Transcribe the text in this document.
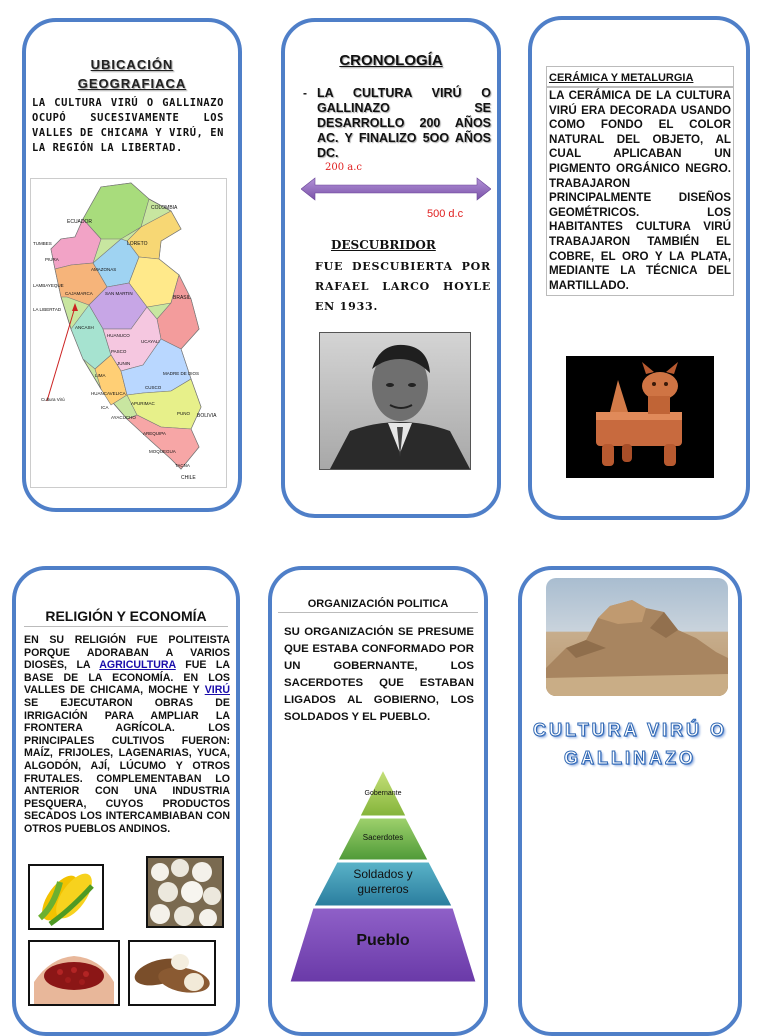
UBICACIÓN
GEOGRAFIACA
LA CULTURA VIRÚ O GALLINAZO OCUPÓ SUCESIVAMENTE LOS VALLES DE CHICAMA Y VIRÚ, EN LA REGIÓN LA LIBERTAD.
COLOMBIA
ECUADOR
TUMBES	LORETO
PIURA
AMAZONAS
LAMBAYEQUE
CAJAMARCA	SAN MARTIN
BRASIL
LA LIBERTAD
ANCASH
HUANUCO
UCAYALI
PASCO
JUNIN
LIMA	MADRE DE DIOS
CUSCO
HUANCAVELICA
APURIMAC
ICA
AYACUCHO
Cultura Virú
PUNO BOLIVIA
AREQUIPA
MOQUEGUA
TACNA
CHILE
CRONOLOGÍA
- LA CULTURA VIRÚ O GALLINAZO SE DESARROLLO 200 AÑOS AC. Y FINALIZO 5OO AÑOS DC.
200 a.c
500 d.c
DESCUBRIDOR
FUE DESCUBIERTA POR RAFAEL LARCO HOYLE EN 1933.
CERÁMICA Y METALURGIA
LA CERÁMICA DE LA CULTURA VIRÚ ERA DECORADA USANDO COMO FONDO EL COLOR NATURAL DEL OBJETO, AL CUAL APLICABAN UN PIGMENTO ORGÁNICO NEGRO. TRABAJARON PRINCIPALMENTE DISEÑOS GEOMÉTRICOS. LOS HABITANTES CULTURA VIRÚ TRABAJARON TAMBIÉN EL COBRE, EL ORO Y LA PLATA, MEDIANTE LA TÉCNICA DEL MARTILLADO.
RELIGIÓN Y ECONOMÍA
EN SU RELIGIÓN FUE POLITEISTA PORQUE ADORABAN A VARIOS DIOSES, LA AGRICULTURA FUE LA BASE DE LA ECONOMÍA. EN LOS VALLES DE CHICAMA, MOCHE Y VIRÚ SE EJECUTARON OBRAS DE IRRIGACIÓN PARA AMPLIAR LA FRONTERA AGRÍCOLA. LOS PRINCIPALES CULTIVOS FUERON: MAÍZ, FRIJOLES, LAGENARIAS, YUCA, ALGODÓN, AJÍ, LÚCUMO Y OTROS FRUTALES. COMPLEMENTABAN LO ANTERIOR CON UNA INDUSTRIA PESQUERA, CUYOS PRODUCTOS SECADOS LOS INTERCAMBIABAN CON OTROS PUEBLOS ANDINOS.
ORGANIZACIÓN POLITICA
SU ORGANIZACIÓN SE PRESUME QUE ESTABA CONFORMADO POR UN GOBERNANTE, LOS SACERDOTES QUE ESTABAN LIGADOS AL GOBIERNO, LOS SOLDADOS Y EL PUEBLO.
Gobernante
Sacerdotes
Soldados y guerreros
Pueblo
CULTURA VIRÚ O
GALLINAZO
